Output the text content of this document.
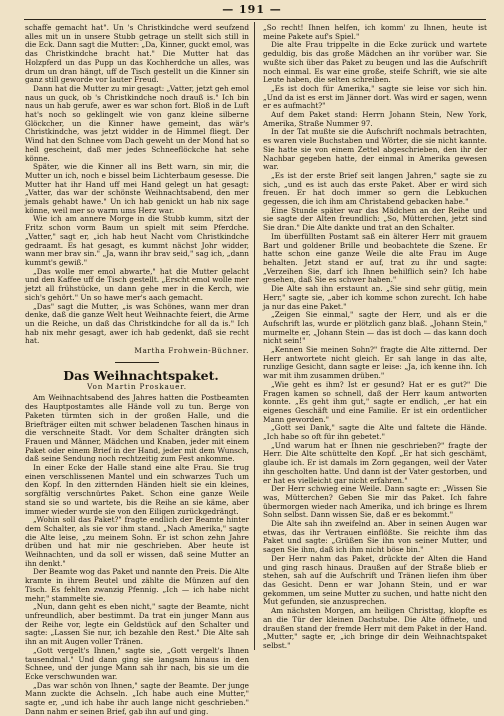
— 191 —

schaffe gemacht hat". Un 's Christkindche werd seufzend alles mit un in unsere Stubb getrage un stellt sich still in die Eck. Dann sagt die Mutter: „Da, Kinner, guckt emol, was das Christkindche bracht hat." Die Mutter hat das Holzpferd un das Pupp un das Kochherdche un alles, was drum un dran hängt, uff de Tisch gestellt un die Kinner sin ganz still geworde vor lauter Freud.

Dann hat die Mutter zu mir gesagt: „Vatter, jetzt geh emol naus un guck, ob 's Christkindche noch drauß is." Ich bin naus un hab gerufe, awer es war schon fort. Bloß in de Luft hat's noch so geklingelt wie von ganz kleine silberne Glöckcher, un die Kinner hawe gemeint, das wär's Christkindche, was jetzt widder in de Himmel fliegt. Der Wind hat den Schnee vom Dach geweht un der Mond hat so hell gescheint, daß mer jedes Schneeflöckche hat sehe könne.

Später, wie die Kinner all ins Bett warn, sin mir, die Mutter un ich, noch e bissel beim Lichterbaum gesesse. Die Mutter hat ihr Hand uff mei Hand gelegt un hat gesagt: „Vatter, das war der schönste Weihnachtsabend, den mer jemals gehabt hawe." Un ich hab genickt un hab nix sage könne, weil mer so warm ums Herz war.

Wie ich am annere Morge in die Stubb kumm, sitzt der Fritz schon vorm Baum un spielt mit seim Pferdche. „Vatter," sagt er, „ich hab heut Nacht vom Christkindche gedraamt. Es hat gesagt, es kummt nächst Johr widder, wann mer brav sin." „Ja, wann ihr brav seid," sag ich, „dann kummt's gewiß."

„Das wolle mer emol abwarte," hat die Mutter gelacht und den Kaffee uff de Tisch gestellt. „Erscht emol wolle mer jetzt all frühstücke, un dann gehe mer in die Kerch, wie sich's gehört." Un so hawe mer's aach gemacht.

„Das" sagt die Mutter, „is was Schönes, wann mer dran denke, daß die ganze Welt heut Weihnachte feiert, die Arme un die Reiche, un daß das Christkindche for all da is." Ich hab nix mehr gesagt, awer ich hab gedenkt, daß sie recht hat.

Martha Frohwein-Büchner.

Das Weihnachtspaket.

Von Martin Proskauer.

Am Weihnachtsabend des Jahres hatten die Postbeamten des Hauptpostamtes alle Hände voll zu tun. Berge von Paketen türmten sich in der großen Halle, und die Briefträger eilten mit schwer beladenen Taschen hinaus in die verschneite Stadt. Vor dem Schalter drängten sich Frauen und Männer, Mädchen und Knaben, jeder mit einem Paket oder einem Brief in der Hand, jeder mit dem Wunsch, daß seine Sendung noch rechtzeitig zum Fest ankomme.

In einer Ecke der Halle stand eine alte Frau. Sie trug einen verschlissenen Mantel und ein schwarzes Tuch um den Kopf. In den zitternden Händen hielt sie ein kleines, sorgfältig verschnürtes Paket. Schon eine ganze Weile stand sie so und wartete, bis die Reihe an sie käme, aber immer wieder wurde sie von den Eiligen zurückgedrängt.

„Wohin soll das Paket?" fragte endlich der Beamte hinter dem Schalter, als sie vor ihm stand. „Nach Amerika," sagte die Alte leise, „zu meinem Sohn. Er ist schon zehn Jahre drüben und hat mir nie geschrieben. Aber heute ist Weihnachten, und da soll er wissen, daß seine Mutter an ihn denkt."

Der Beamte wog das Paket und nannte den Preis. Die Alte kramte in ihrem Beutel und zählte die Münzen auf den Tisch. Es fehlten zwanzig Pfennig. „Ich — ich habe nicht mehr," stammelte sie.

„Nun, dann geht es eben nicht," sagte der Beamte, nicht unfreundlich, aber bestimmt. Da trat ein junger Mann aus der Reihe vor, legte ein Geldstück auf den Schalter und sagte: „Lassen Sie nur, ich bezahle den Rest." Die Alte sah ihn an mit Augen voller Tränen.

„Gott vergelt's Ihnen," sagte sie, „Gott vergelt's Ihnen tausendmal." Und dann ging sie langsam hinaus in den Schnee, und der junge Mann sah ihr nach, bis sie um die Ecke verschwunden war.

„Das war schön von Ihnen," sagte der Beamte. Der junge Mann zuckte die Achseln. „Ich habe auch eine Mutter," sagte er, „und ich habe ihr auch lange nicht geschrieben." Dann nahm er seinen Brief, gab ihn auf und ging.

„So recht! Ihnen helfen, ich komm' zu Ihnen, heute ist meine Pakete auf's Spiel."

Die alte Frau trippelte in die Ecke zurück und wartete geduldig, bis das große Mädchen an ihr vorüber war. Sie wußte sich über das Paket zu beugen und las die Aufschrift noch einmal. Es war eine große, steife Schrift, wie sie alte Leute haben, die selten schreiben.

„Es ist doch für Amerika," sagte sie leise vor sich hin. „Und da ist es erst im Jänner dort. Was wird er sagen, wenn er es aufmacht?"

Auf dem Paket stand: Herrn Johann Stein, New York, Amerika, Straße Nummer 97.

In der Tat mußte sie die Aufschrift nochmals betrachten, es waren viele Buchstaben und Wörter, die sie nicht kannte. Sie hatte sie von einem Zettel abgeschrieben, den ihr der Nachbar gegeben hatte, der einmal in Amerika gewesen war.

„Es ist der erste Brief seit langen Jahren," sagte sie zu sich, „und es ist auch das erste Paket. Aber er wird sich freuen. Er hat doch immer so gern die Lebkuchen gegessen, die ich ihm am Christabend gebacken habe."

Eine Stunde später war das Mädchen an der Reihe und sie sagte der Alten freundlich: „So, Mütterchen, jetzt sind Sie dran." Die Alte dankte und trat an den Schalter.

Im überfüllten Postamt saß ein älterer Herr mit grauem Bart und goldener Brille und beobachtete die Szene. Er hatte schon eine ganze Weile die alte Frau im Auge behalten. Jetzt stand er auf, trat zu ihr und sagte: „Verzeihen Sie, darf ich Ihnen behilflich sein? Ich habe gesehen, daß Sie es schwer haben."

Die Alte sah ihn erstaunt an. „Sie sind sehr gütig, mein Herr," sagte sie, „aber ich komme schon zurecht. Ich habe ja nur das eine Paket."

„Zeigen Sie einmal," sagte der Herr, und als er die Aufschrift las, wurde er plötzlich ganz blaß. „Johann Stein," murmelte er, „Johann Stein — das ist doch — das kann doch nicht sein!"

„Kennen Sie meinen Sohn?" fragte die Alte zitternd. Der Herr antwortete nicht gleich. Er sah lange in das alte, runzlige Gesicht, dann sagte er leise: „Ja, ich kenne ihn. Ich war mit ihm zusammen drüben."

„Wie geht es ihm? Ist er gesund? Hat er es gut?" Die Fragen kamen so schnell, daß der Herr kaum antworten konnte. „Es geht ihm gut," sagte er endlich, „er hat ein eigenes Geschäft und eine Familie. Er ist ein ordentlicher Mann geworden."

„Gott sei Dank," sagte die Alte und faltete die Hände. „Ich habe so oft für ihn gebetet."

„Und warum hat er Ihnen nie geschrieben?" fragte der Herr. Die Alte schüttelte den Kopf. „Er hat sich geschämt, glaube ich. Er ist damals im Zorn gegangen, weil der Vater ihn gescholten hatte. Und dann ist der Vater gestorben, und er hat es vielleicht gar nicht erfahren."

Der Herr schwieg eine Weile. Dann sagte er: „Wissen Sie was, Mütterchen? Geben Sie mir das Paket. Ich fahre übermorgen wieder nach Amerika, und ich bringe es Ihrem Sohn selbst. Dann wissen Sie, daß er es bekommt."

Die Alte sah ihn zweifelnd an. Aber in seinen Augen war etwas, das ihr Vertrauen einflößte. Sie reichte ihm das Paket und sagte: „Grüßen Sie ihn von seiner Mutter, und sagen Sie ihm, daß ich ihm nicht böse bin."

Der Herr nahm das Paket, drückte der Alten die Hand und ging rasch hinaus. Draußen auf der Straße blieb er stehen, sah auf die Aufschrift und Tränen liefen ihm über das Gesicht. Denn er war Johann Stein, und er war gekommen, um seine Mutter zu suchen, und hatte nicht den Mut gefunden, sie anzusprechen.

Am nächsten Morgen, am heiligen Christtag, klopfte es an die Tür der kleinen Dachstube. Die Alte öffnete, und draußen stand der fremde Herr mit dem Paket in der Hand. „Mutter," sagte er, „ich bringe dir dein Weihnachtspaket selbst."
